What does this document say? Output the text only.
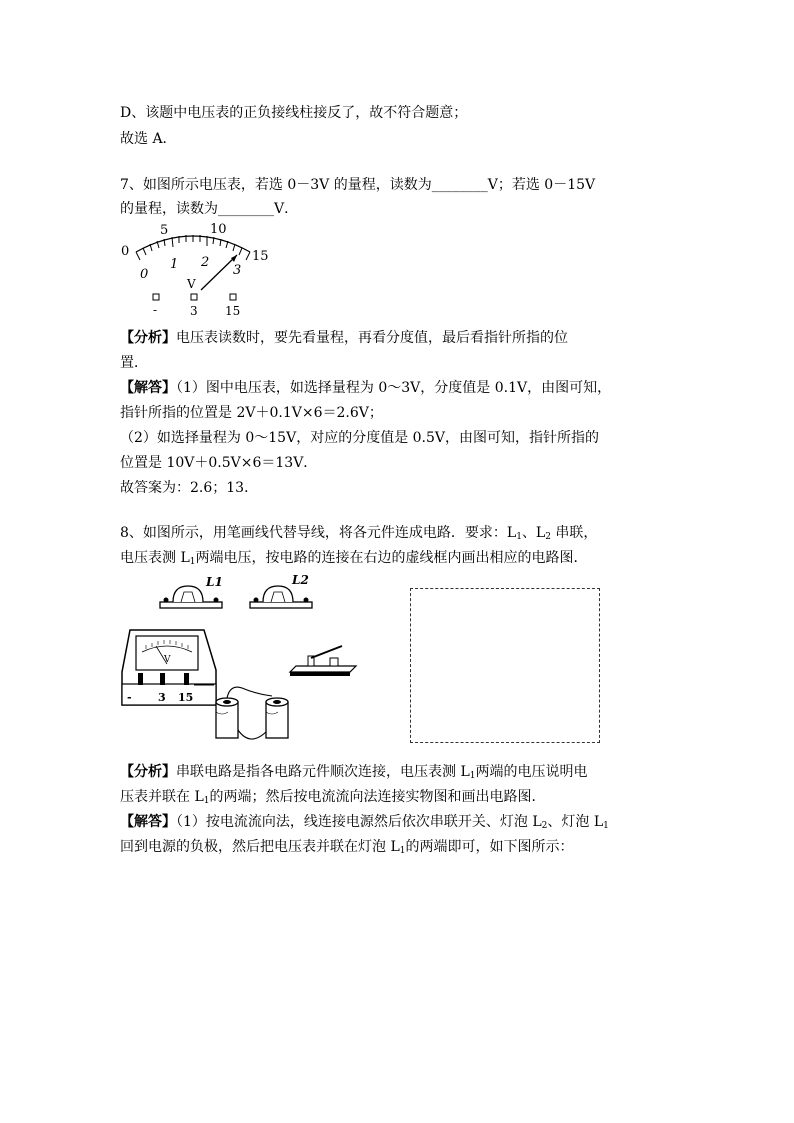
D、该题中电压表的正负接线柱接反了，故不符合题意；
故选 A．
7、如图所示电压表，若选 0－3V 的量程，读数为________V；若选 0－15V
的量程，读数为________V．
0
5	10
15
0
1 2
3
V
-	3 15
【分析】电压表读数时，要先看量程，再看分度值，最后看指针所指的位
置．
【解答】（1）图中电压表，如选择量程为 0～3V，分度值是 0.1V，由图可知，
指针所指的位置是 2V＋0.1V×6＝2.6V；
（2）如选择量程为 0～15V，对应的分度值是 0.5V，由图可知，指针所指的
位置是 10V＋0.5V×6＝13V．
故答案为：2.6；13．
8、如图所示，用笔画线代替导线，将各元件连成电路．要求：$L_1$、$L_2$ 串联，
电压表测 $L_1$两端电压，按电路的连接在右边的虚线框内画出相应的电路图．
L1	L2
V
- 3 15
【分析】串联电路是指各电路元件顺次连接，电压表测 $L_1$两端的电压说明电
压表并联在 $L_1$的两端；然后按电流流向法连接实物图和画出电路图．
【解答】（1）按电流流向法，线连接电源然后依次串联开关、灯泡 $L_2$、灯泡 $L_1$
回到电源的负极，然后把电压表并联在灯泡 $L_1$的两端即可，如下图所示：
